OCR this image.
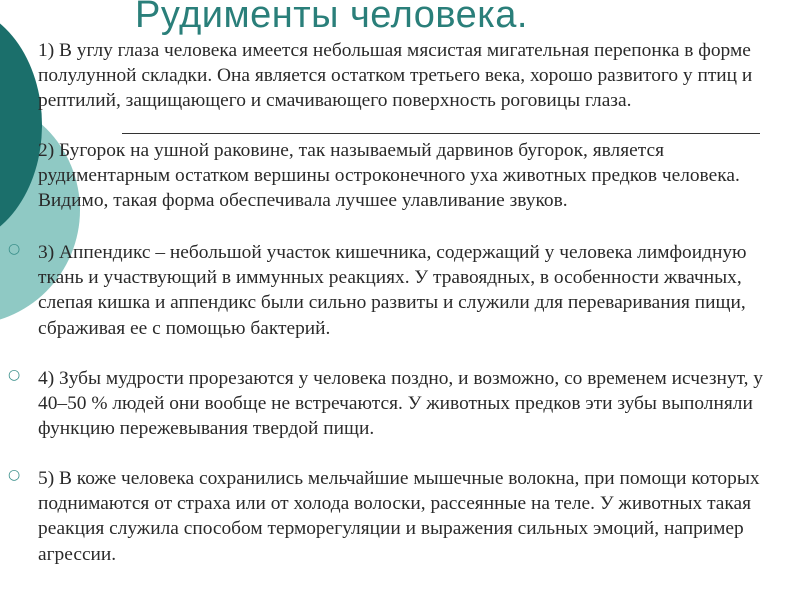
Рудименты человека.

1) В углу глаза человека имеется небольшая мясистая мигательная перепонка в форме полулунной складки. Она является остатком третьего века, хорошо развитого у птиц и рептилий, защищающего и смачивающего поверхность роговицы глаза.

2) Бугорок на ушной раковине, так называемый дарвинов бугорок, является рудиментарным остатком вершины остроконечного уха животных предков человека. Видимо, такая форма обеспечивала лучшее улавливание звуков.

○ 3) Аппендикс – небольшой участок кишечника, содержащий у человека лимфоидную ткань и участвующий в иммунных реакциях. У травоядных, в особенности жвачных, слепая кишка и аппендикс были сильно развиты и служили для переваривания пищи, сбраживая ее с помощью бактерий.

○ 4) Зубы мудрости прорезаются у человека поздно, и возможно, со временем исчезнут, у 40–50 % людей они вообще не встречаются. У животных предков эти зубы выполняли функцию пережевывания твердой пищи.

○ 5) В коже человека сохранились мельчайшие мышечные волокна, при помощи которых поднимаются от страха или от холода волоски, рассеянные на теле. У животных такая реакция служила способом терморегуляции и выражения сильных эмоций, например агрессии.
